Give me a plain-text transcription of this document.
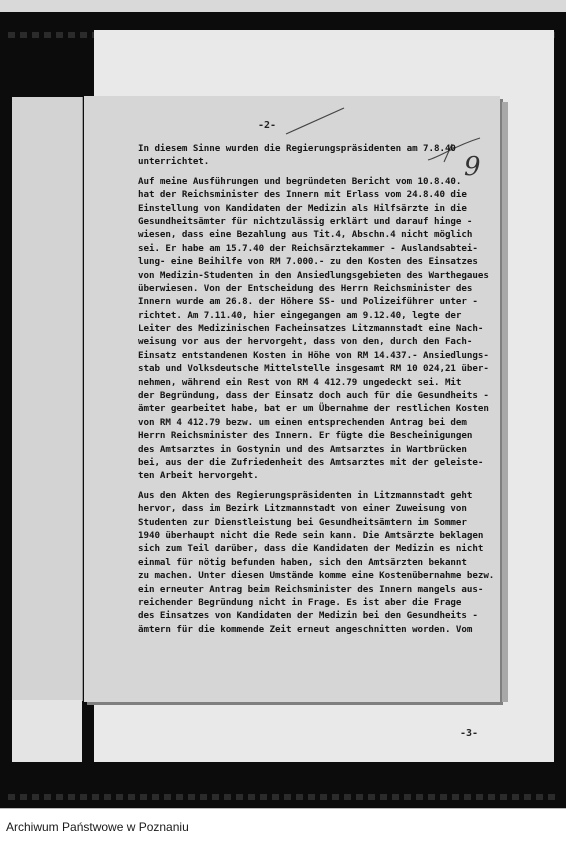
-2-
9
In diesem Sinne wurden die Regierungspräsidenten am 7.8.40
unterrichtet.
Auf meine Ausführungen und begründeten Bericht vom 10.8.40.
hat der Reichsminister des Innern mit Erlass vom 24.8.40 die
Einstellung von Kandidaten der Medizin als Hilfsärzte in die
Gesundheitsämter für nichtzulässig erklärt und darauf hinge -
wiesen, dass eine Bezahlung aus Tit.4, Abschn.4 nicht möglich
sei. Er habe am 15.7.40 der Reichsärztekammer - Auslandsabtei-
lung- eine Beihilfe von RM 7.000.- zu den Kosten des Einsatzes
von Medizin-Studenten in den Ansiedlungsgebieten des Warthegaues
überwiesen. Von der Entscheidung des Herrn Reichsminister des
Innern wurde am 26.8. der Höhere SS- und Polizeiführer unter -
richtet. Am 7.11.40, hier eingegangen am 9.12.40, legte der
Leiter des Medizinischen Facheinsatzes Litzmannstadt eine Nach-
weisung vor aus der hervorgeht, dass von den, durch den Fach-
Einsatz entstandenen Kosten in Höhe von RM 14.437.- Ansiedlungs-
stab und Volksdeutsche Mittelstelle insgesamt RM 10 024,21 über-
nehmen, während ein Rest von RM 4 412.79 ungedeckt sei. Mit
der Begründung, dass der Einsatz doch auch für die Gesundheits -
ämter gearbeitet habe, bat er um Übernahme der restlichen Kosten
von RM 4 412.79 bezw. um einen entsprechenden Antrag bei dem
Herrn Reichsminister des Innern. Er fügte die Bescheinigungen
des Amtsarztes in Gostynin und des Amtsarztes in Wartbrücken
bei, aus der die Zufriedenheit des Amtsarztes mit der geleiste-
ten Arbeit hervorgeht.
Aus den Akten des Regierungspräsidenten in Litzmannstadt geht
hervor, dass im Bezirk Litzmannstadt von einer Zuweisung von
Studenten zur Dienstleistung bei Gesundheitsämtern im Sommer
1940 überhaupt nicht die Rede sein kann. Die Amtsärzte beklagen
sich zum Teil darüber, dass die Kandidaten der Medizin es nicht
einmal für nötig befunden haben, sich den Amtsärzten bekannt
zu machen. Unter diesen Umstände komme eine Kostenübernahme bezw.
ein erneuter Antrag beim Reichsminister des Innern mangels aus-
reichender Begründung nicht in Frage. Es ist aber die Frage
des Einsatzes von Kandidaten der Medizin bei den Gesundheits -
ämtern für die kommende Zeit erneut angeschnitten worden. Vom
-3-
Archiwum Państwowe w Poznaniu
